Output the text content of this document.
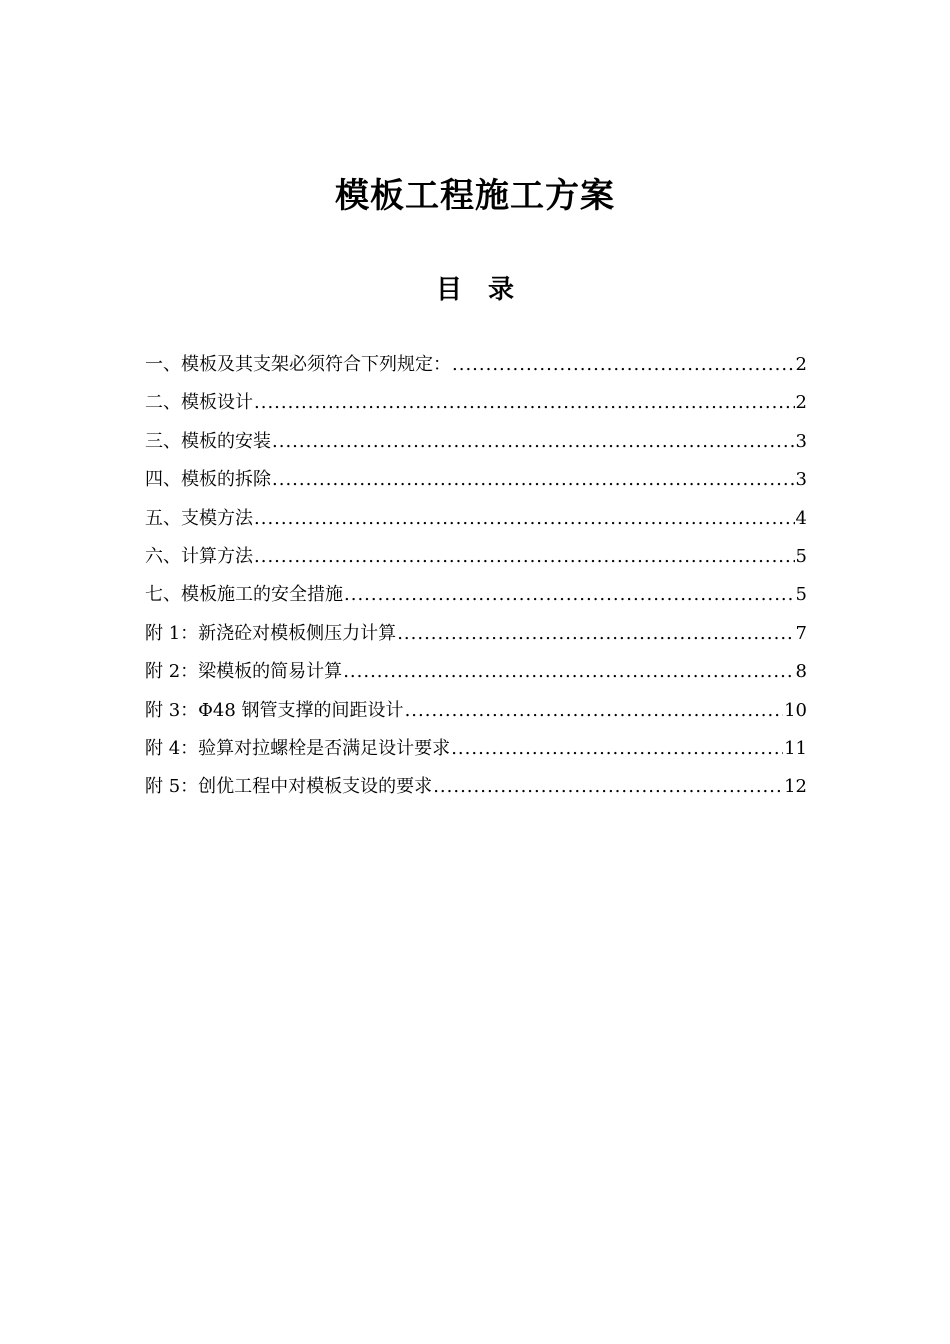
模板工程施工方案
目 录
一、模板及其支架必须符合下列规定： .....	2
二、模板设计 .....	2
三、模板的安装 .....	3
四、模板的拆除 .....	3
五、支模方法 .....	4
六、计算方法 .....	5
七、模板施工的安全措施 .....	5
附 1：新浇砼对模板侧压力计算 .....	7
附 2：梁模板的简易计算 .....	8
附 3：Φ48 钢管支撑的间距设计 .....	10
附 4：验算对拉螺栓是否满足设计要求 .....	11
附 5：创优工程中对模板支设的要求 .....	12
